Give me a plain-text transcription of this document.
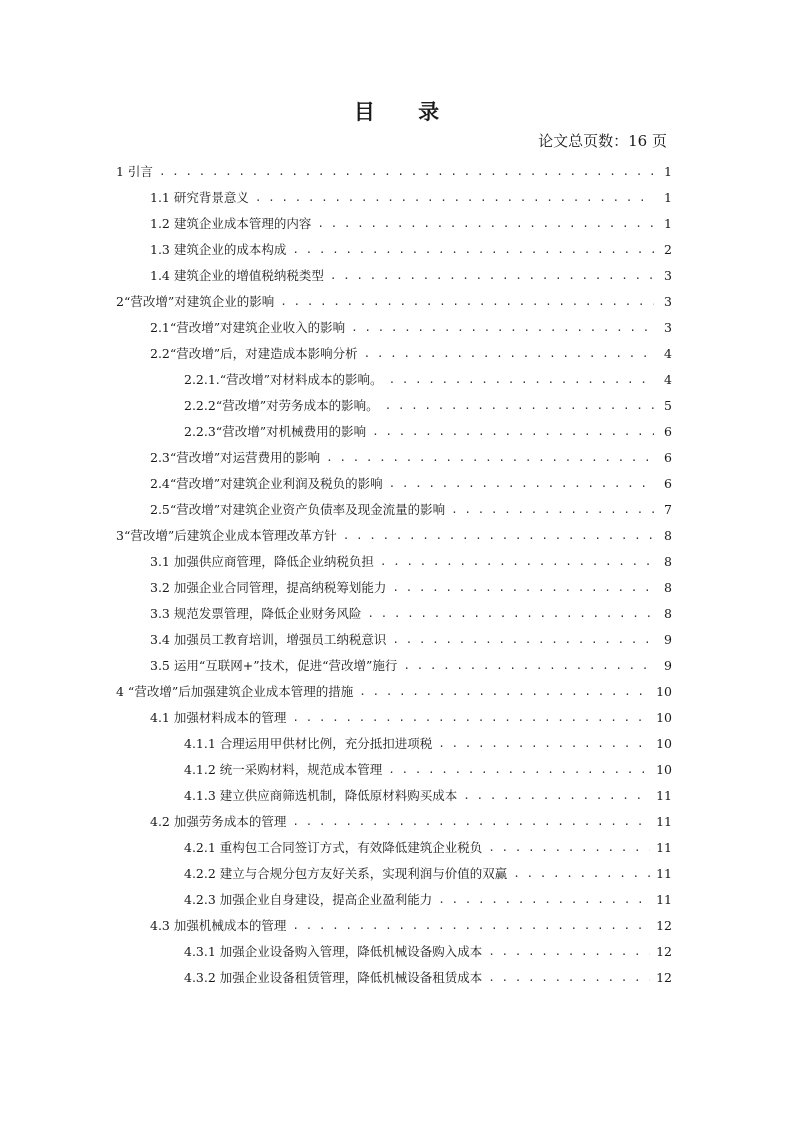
目 录
论文总页数：16 页
1 引言 . . .	1
1.1 研究背景意义 . . .	1
1.2 建筑企业成本管理的内容 . . .	1
1.3 建筑企业的成本构成 . . .	2
1.4 建筑企业的增值税纳税类型 . . .	3
2“营改增”对建筑企业的影响 . . .	3
2.1“营改增”对建筑企业收入的影响 . . .	3
2.2“营改增”后，对建造成本影响分析 . . .	4
2.2.1.“营改增”对材料成本的影响。 . . .	4
2.2.2“营改增”对劳务成本的影响。 . . .	5
2.2.3“营改增”对机械费用的影响 . . .	6
2.3“营改增”对运营费用的影响 . . .	6
2.4“营改增”对建筑企业利润及税负的影响 . . .	6
2.5“营改增”对建筑企业资产负债率及现金流量的影响 . . .	7
3“营改增”后建筑企业成本管理改革方针 . . .	8
3.1 加强供应商管理，降低企业纳税负担 . . .	8
3.2 加强企业合同管理，提高纳税筹划能力 . . .	8
3.3 规范发票管理，降低企业财务风险 . . .	8
3.4 加强员工教育培训，增强员工纳税意识 . . .	9
3.5 运用“互联网+”技术，促进“营改增”施行 . . .	9
4 “营改增”后加强建筑企业成本管理的措施 . . .	10
4.1 加强材料成本的管理 . . .	10
4.1.1 合理运用甲供材比例，充分抵扣进项税 . . .	10
4.1.2 统一采购材料，规范成本管理 . . .	10
4.1.3 建立供应商筛选机制，降低原材料购买成本 . . .	11
4.2 加强劳务成本的管理 . . .	11
4.2.1 重构包工合同签订方式，有效降低建筑企业税负 . . .	11
4.2.2 建立与合规分包方友好关系，实现利润与价值的双赢 . . .	11
4.2.3 加强企业自身建设，提高企业盈利能力 . . .	11
4.3 加强机械成本的管理 . . .	12
4.3.1 加强企业设备购入管理，降低机械设备购入成本 . . .	12
4.3.2 加强企业设备租赁管理，降低机械设备租赁成本 . . .	12
